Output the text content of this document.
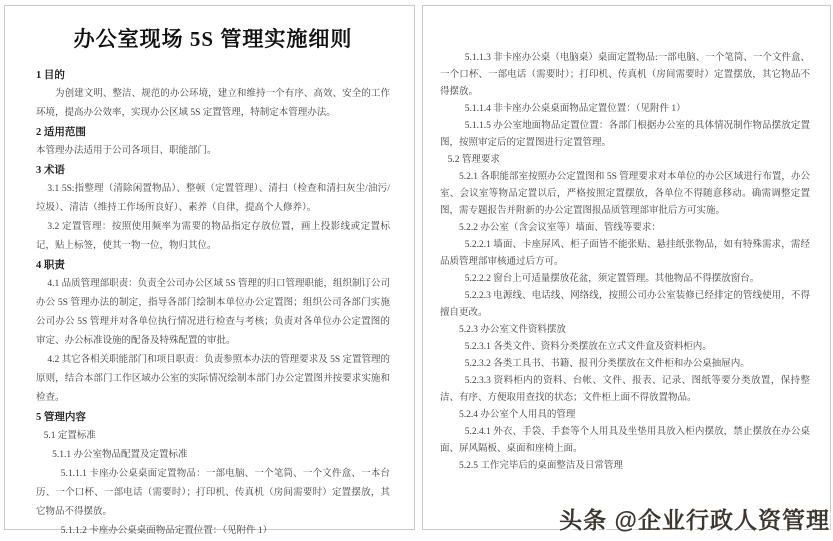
办公室现场 5S 管理实施细则

1 目的

为创建文明、整洁、规范的办公环境，建立和维持一个有序、高效、安全的工作环境，提高办公效率，实现办公区域 5S 定置管理，特制定本管理办法。

2 适用范围

本管理办法适用于公司各项目、职能部门。

3 术语

3.1 5S:指整理（清除闲置物品）、整顿（定置管理）、清扫（检查和清扫灰尘/油污/垃圾）、清洁（维持工作场所良好）、素养（自律，提高个人修养）。

3.2 定置管理：按照使用频率为需要的物品指定存放位置，画上投影线或定置标记，贴上标签，使其一物一位，物归其位。

4 职责

4.1 品质管理部职责：负责全公司办公区域 5S 管理的归口管理职能，组织制订公司办公 5S 管理办法的制定，指导各部门绘制本单位办公定置图；组织公司各部门实施公司办公 5S 管理并对各单位执行情况进行检查与考核；负责对各单位办公定置图的审定、办公标准设施的配备及特殊配置的审批。

4.2 其它各相关职能部门和项目职责：负责参照本办法的管理要求及 5S 定置管理的原则，结合本部门工作区域办公室的实际情况绘制本部门办公定置图并按要求实施和检查。

5 管理内容

5.1 定置标准

5.1.1 办公室物品配置及定置标准

5.1.1.1 卡座办公桌桌面定置物品：一部电脑、一个笔筒、一个文件盒、一本台历、一个口杯、一部电话（需要时）；打印机、传真机（房间需要时）定置摆放，其它物品不得摆放。

5.1.1.2 卡座办公桌桌面物品定置位置：（见附件 1）

5.1.1.3 非卡座办公桌（电脑桌）桌面定置物品:一部电脑、一个笔筒、一个文件盒、一个口杯、一部电话（需要时）；打印机、传真机（房间需要时）定置摆放，其它物品不得摆放。

5.1.1.4 非卡座办公桌桌面物品定置位置：（见附件 1）

5.1.1.5 办公室地面物品定置位置：各部门根据办公室的具体情况制作物品摆放定置图，按照审定后的定置图进行定置管理。

5.2 管理要求

5.2.1 各职能部室按照办公定置图和 5S 管理要求对本单位的办公区域进行布置，办公室、会议室等物品定置以后，严格按照定置摆放，各单位不得随意移动。确需调整定置图，需专题报告并附新的办公定置图报品质管理部审批后方可实施。

5.2.2 办公室（含会议室等）墙面、管线等要求：

5.2.2.1 墙面、卡座屏风、柜子面皆不能张贴、悬挂纸张物品，如有特殊需求，需经品质管理部审核通过后方可。

5.2.2.2 窗台上可适量摆放花盆，须定置管理。其他物品不得摆放窗台。

5.2.2.3 电源线、电话线、网络线，按照公司办公室装修已经排定的管线使用，不得擅自更改。

5.2.3 办公室文件资料摆放

5.2.3.1 各类文件、资料分类摆放在立式文件盒及资料柜内。

5.2.3.2 各类工具书、书籍、报刊分类摆放在文件柜和办公桌抽屉内。

5.2.3.3 资料柜内的资料、台帐、文件、报表、记录、图纸等要分类放置，保持整洁、有序、方便取用查找的状态；文件柜上面不得放置物品。

5.2.4 办公室个人用具的管理

5.2.4.1 外衣、手袋、手套等个人用具及坐垫用具放入柜内摆放，禁止摆放在办公桌面、屏风隔板、桌面和座椅上面。

5.2.5 工作完毕后的桌面整洁及日常管理

头条 @企业行政人资管理
